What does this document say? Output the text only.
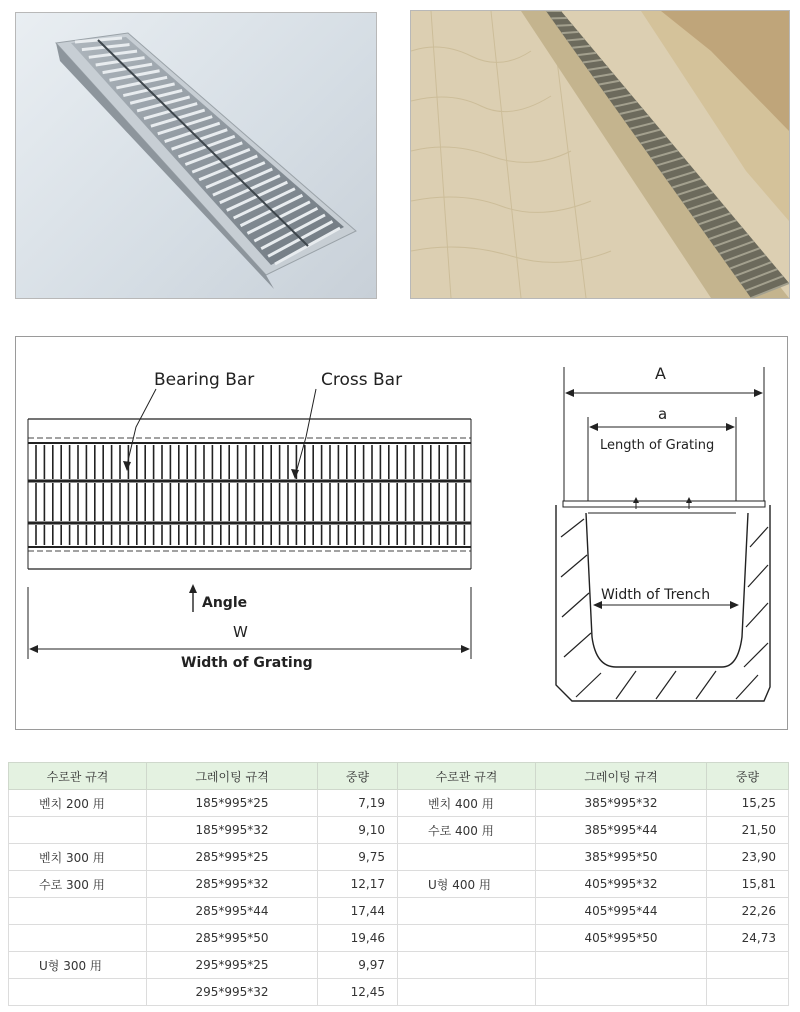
Bearing Bar	Cross Bar
Angle
W
Width of Grating
A
a
Length of Grating
Width of Trench
수로관 규격	그레이팅 규격	중량	수로관 규격	그레이팅 규격	중량
벤치 200 用	185*995*25	7,19	벤치 400 用	385*995*32	15,25
	185*995*32	9,10	수로 400 用	385*995*44	21,50
벤치 300 用	285*995*25	9,75		385*995*50	23,90
수로 300 用	285*995*32	12,17	U형 400 用	405*995*32	15,81
	285*995*44	17,44		405*995*44	22,26
	285*995*50	19,46		405*995*50	24,73
U형 300 用	295*995*25	9,97			
	295*995*32	12,45			
